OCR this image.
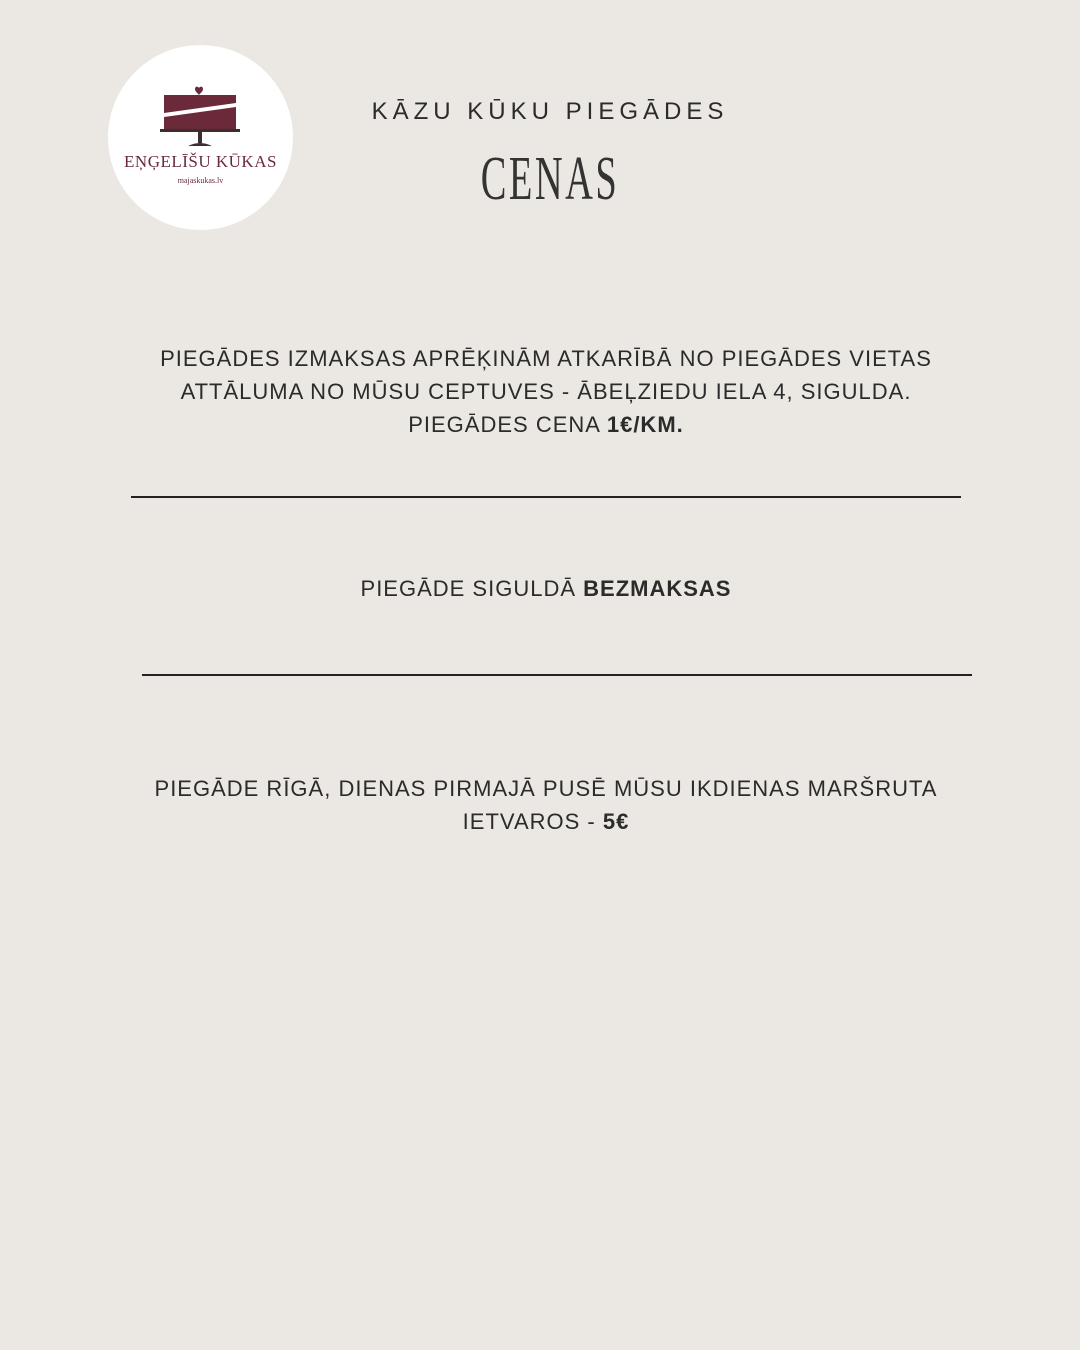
EŅĢELĪŠU KŪKAS
majaskukas.lv
KĀZU KŪKU PIEGĀDES
CENAS
PIEGĀDES IZMAKSAS APRĒĶINĀM ATKARĪBĀ NO PIEGĀDES VIETAS
ATTĀLUMA NO MŪSU CEPTUVES - ĀBEĻZIEDU IELA 4, SIGULDA.
PIEGĀDES CENA 1€/KM.
PIEGĀDE SIGULDĀ BEZMAKSAS
PIEGĀDE RĪGĀ, DIENAS PIRMAJĀ PUSĒ MŪSU IKDIENAS MARŠRUTA
IETVAROS - 5€
